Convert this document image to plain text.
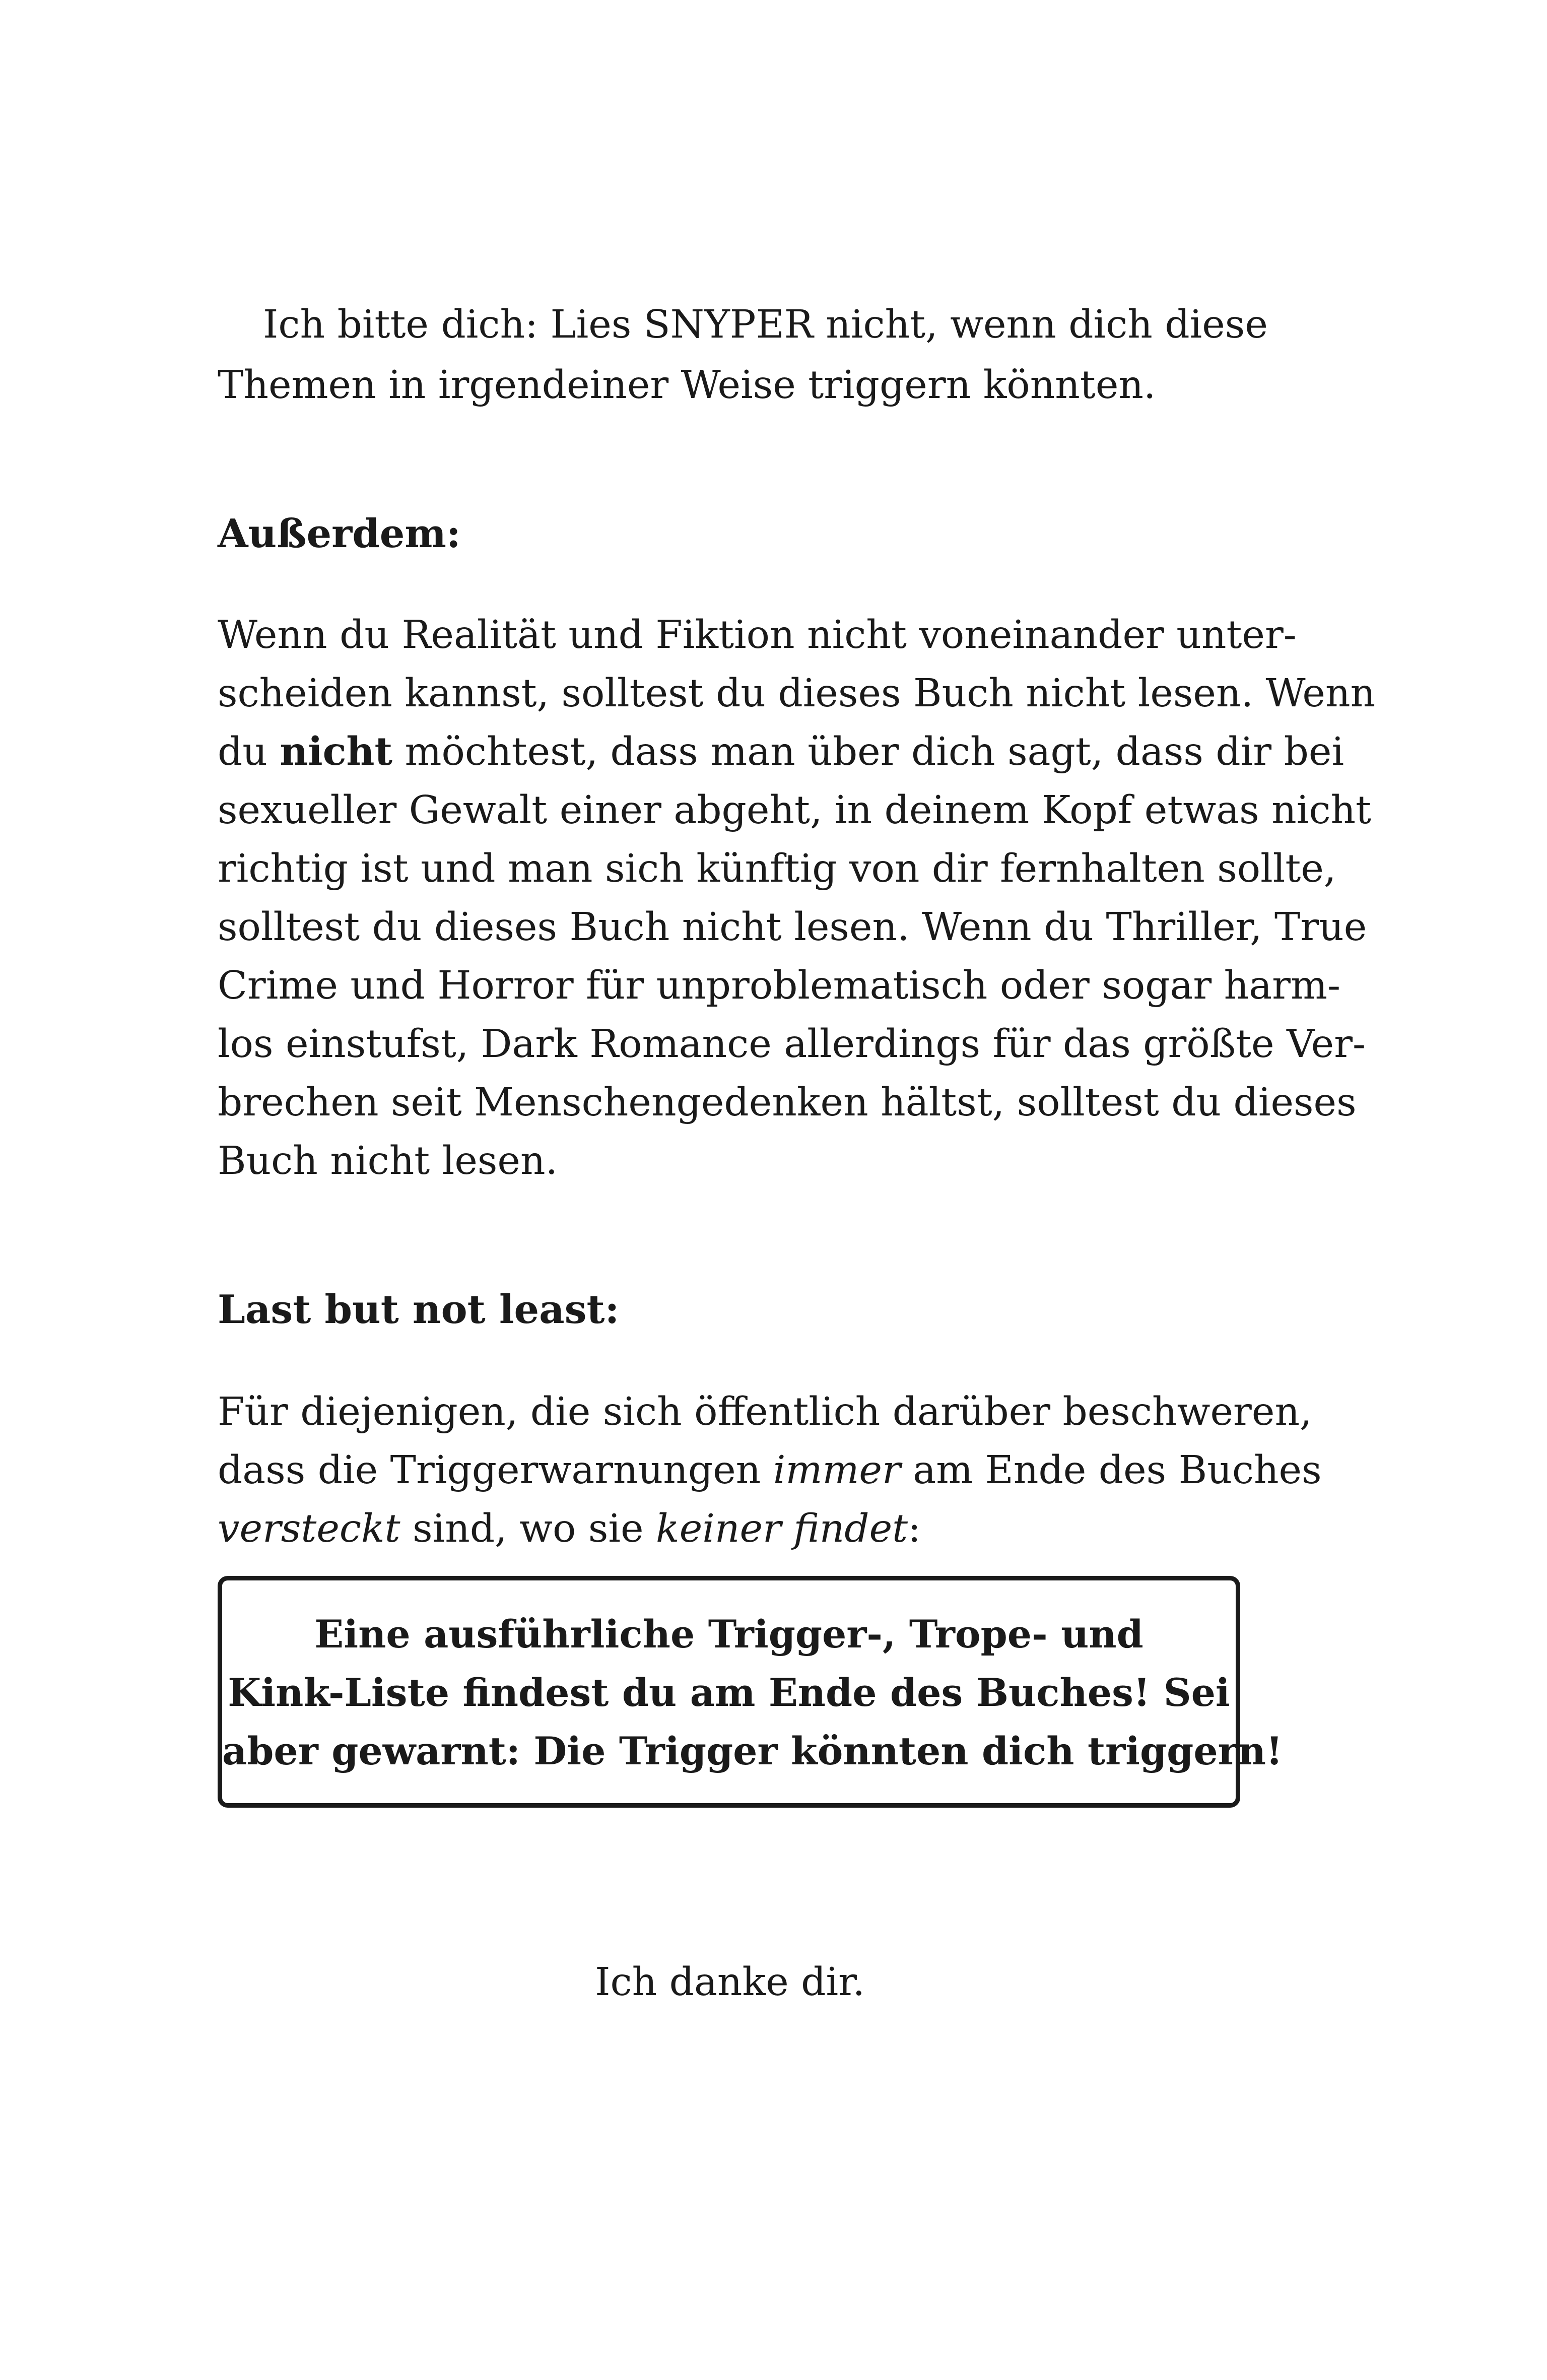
Ich bitte dich: Lies SNYPER nicht, wenn dich diese
Themen in irgendeiner Weise triggern könnten.
Außerdem:
Wenn du Realität und Fiktion nicht voneinander unter-
scheiden kannst, solltest du dieses Buch nicht lesen. Wenn
du nicht möchtest, dass man über dich sagt, dass dir bei
sexueller Gewalt einer abgeht, in deinem Kopf etwas nicht
richtig ist und man sich künftig von dir fernhalten sollte,
solltest du dieses Buch nicht lesen. Wenn du Thriller, True
Crime und Horror für unproblematisch oder sogar harm-
los einstufst, Dark Romance allerdings für das größte Ver-
brechen seit Menschengedenken hältst, solltest du dieses
Buch nicht lesen.
Last but not least:
Für diejenigen, die sich öffentlich darüber beschweren,
dass die Triggerwarnungen immer am Ende des Buches
versteckt sind, wo sie keiner findet:
Eine ausführliche Trigger-, Trope- und
Kink-Liste findest du am Ende des Buches! Sei
aber gewarnt: Die Trigger könnten dich triggern!
Ich danke dir.
